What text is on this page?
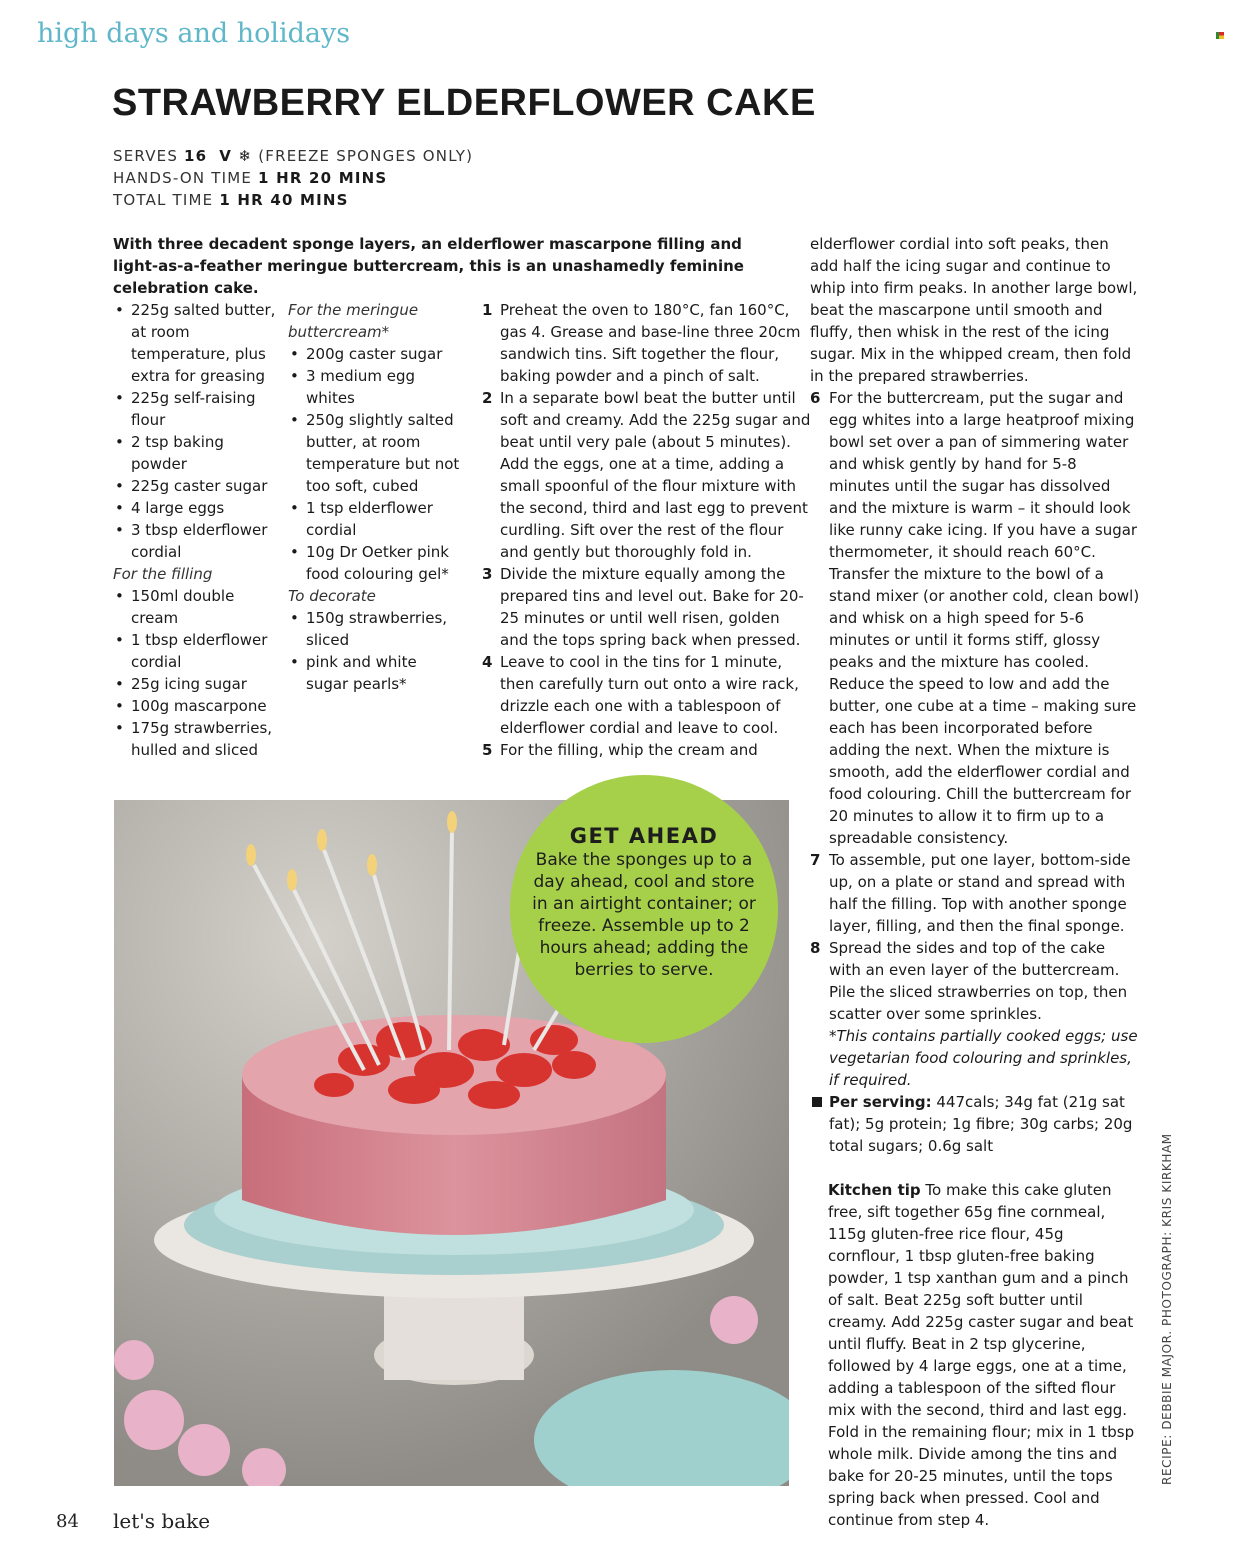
high days and holidays
STRAWBERRY ELDERFLOWER CAKE
SERVES 16 V ❄ (FREEZE SPONGES ONLY)
HANDS-ON TIME 1 HR 20 MINS
TOTAL TIME 1 HR 40 MINS
With three decadent sponge layers, an elderflower mascarpone filling and light-as-a-feather meringue buttercream, this is an unashamedly feminine celebration cake.
• 225g salted butter, at room temperature, plus extra for greasing
• 225g self-raising flour
• 2 tsp baking powder
• 225g caster sugar
• 4 large eggs
• 3 tbsp elderflower cordial
For the filling
• 150ml double cream
• 1 tbsp elderflower cordial
• 25g icing sugar
• 100g mascarpone
• 175g strawberries, hulled and sliced
For the meringue buttercream*
• 200g caster sugar
• 3 medium egg whites
• 250g slightly salted butter, at room temperature but not too soft, cubed
• 1 tsp elderflower cordial
• 10g Dr Oetker pink food colouring gel*
To decorate
• 150g strawberries, sliced
• pink and white sugar pearls*
1 Preheat the oven to 180°C, fan 160°C, gas 4. Grease and base-line three 20cm sandwich tins. Sift together the flour, baking powder and a pinch of salt.
2 In a separate bowl beat the butter until soft and creamy. Add the 225g sugar and beat until very pale (about 5 minutes). Add the eggs, one at a time, adding a small spoonful of the flour mixture with the second, third and last egg to prevent curdling. Sift over the rest of the flour and gently but thoroughly fold in.
3 Divide the mixture equally among the prepared tins and level out. Bake for 20-25 minutes or until well risen, golden and the tops spring back when pressed.
4 Leave to cool in the tins for 1 minute, then carefully turn out onto a wire rack, drizzle each one with a tablespoon of elderflower cordial and leave to cool.
5 For the filling, whip the cream and
elderflower cordial into soft peaks, then add half the icing sugar and continue to whip into firm peaks. In another large bowl, beat the mascarpone until smooth and fluffy, then whisk in the rest of the icing sugar. Mix in the whipped cream, then fold in the prepared strawberries.
6 For the buttercream, put the sugar and egg whites into a large heatproof mixing bowl set over a pan of simmering water and whisk gently by hand for 5-8 minutes until the sugar has dissolved and the mixture is warm – it should look like runny cake icing. If you have a sugar thermometer, it should reach 60°C. Transfer the mixture to the bowl of a stand mixer (or another cold, clean bowl) and whisk on a high speed for 5-6 minutes or until it forms stiff, glossy peaks and the mixture has cooled. Reduce the speed to low and add the butter, one cube at a time – making sure each has been incorporated before adding the next. When the mixture is smooth, add the elderflower cordial and food colouring. Chill the buttercream for 20 minutes to allow it to firm up to a spreadable consistency.
7 To assemble, put one layer, bottom-side up, on a plate or stand and spread with half the filling. Top with another sponge layer, filling, and then the final sponge.
8 Spread the sides and top of the cake with an even layer of the buttercream. Pile the sliced strawberries on top, then scatter over some sprinkles.
*This contains partially cooked eggs; use vegetarian food colouring and sprinkles, if required.
Per serving: 447cals; 34g fat (21g sat fat); 5g protein; 1g fibre; 30g carbs; 20g total sugars; 0.6g salt
Kitchen tip To make this cake gluten free, sift together 65g fine cornmeal, 115g gluten-free rice flour, 45g cornflour, 1 tbsp gluten-free baking powder, 1 tsp xanthan gum and a pinch of salt. Beat 225g soft butter until creamy. Add 225g caster sugar and beat until fluffy. Beat in 2 tsp glycerine, followed by 4 large eggs, one at a time, adding a tablespoon of the sifted flour mix with the second, third and last egg. Fold in the remaining flour; mix in 1 tbsp whole milk. Divide among the tins and bake for 20-25 minutes, until the tops spring back when pressed. Cool and continue from step 4.
GET AHEAD
Bake the sponges up to a day ahead, cool and store in an airtight container; or freeze. Assemble up to 2 hours ahead; adding the berries to serve.
RECIPE: DEBBIE MAJOR. PHOTOGRAPH: KRIS KIRKHAM
84 let's bake
